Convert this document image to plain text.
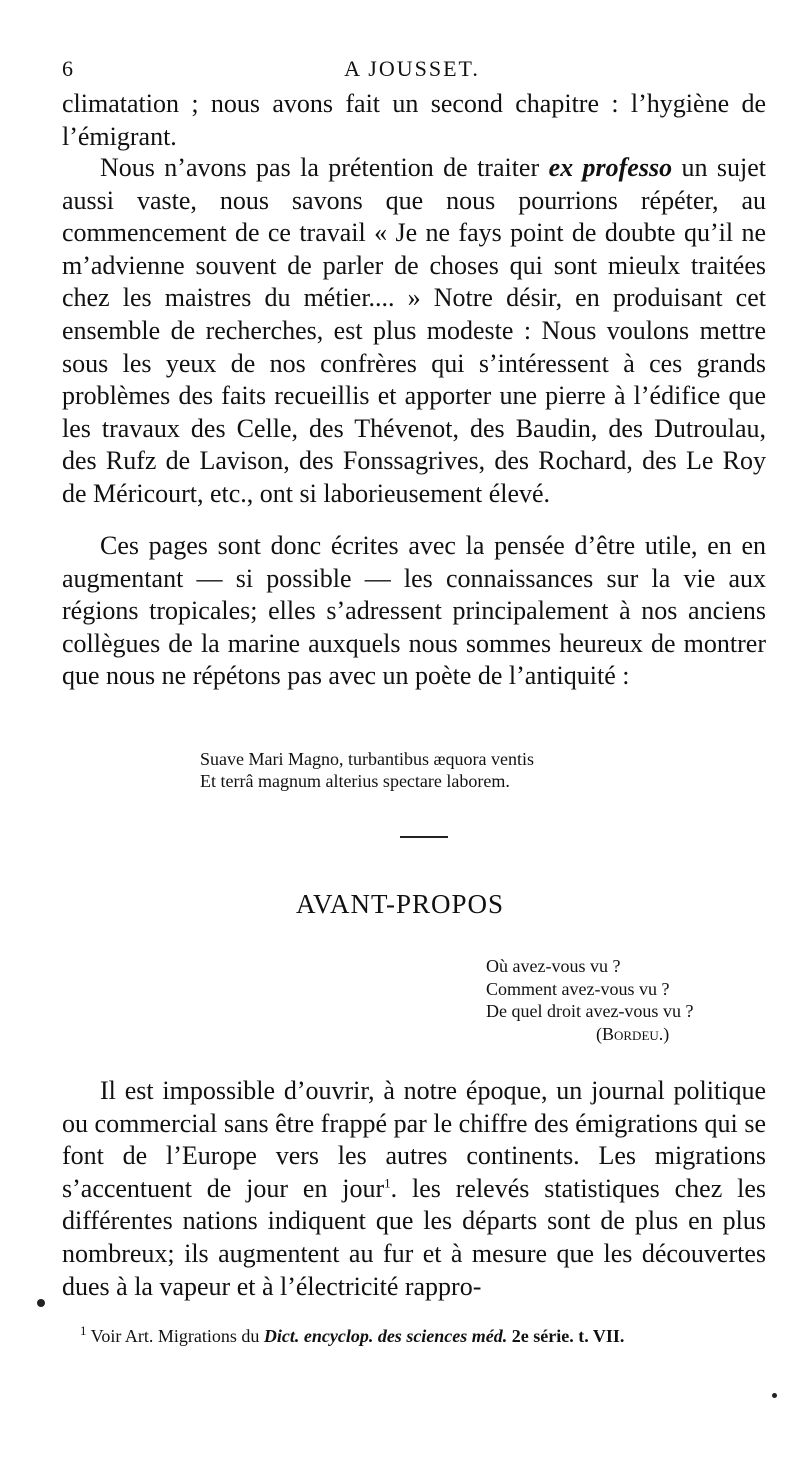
6	A JOUSSET.

climatation ; nous avons fait un second chapitre : l’hygiène de l’émigrant.

Nous n’avons pas la prétention de traiter ex professo un sujet aussi vaste, nous savons que nous pourrions répéter, au commencement de ce travail « Je ne fays point de doubte qu’il ne m’advienne souvent de parler de choses qui sont mieulx traitées chez les maistres du métier.... » Notre désir, en produisant cet ensemble de recherches, est plus modeste : Nous voulons mettre sous les yeux de nos confrères qui s’intéressent à ces grands problèmes des faits recueillis et apporter une pierre à l’édifice que les travaux des Celle, des Thévenot, des Baudin, des Dutroulau, des Rufz de Lavison, des Fonssagrives, des Rochard, des Le Roy de Méricourt, etc., ont si laborieusement élevé.

Ces pages sont donc écrites avec la pensée d’être utile, en en augmentant — si possible — les connaissances sur la vie aux régions tropicales; elles s’adressent principalement à nos anciens collègues de la marine auxquels nous sommes heureux de montrer que nous ne répétons pas avec un poète de l’antiquité :

Suave Mari Magno, turbantibus æquora ventis
Et terrâ magnum alterius spectare laborem.
AVANT-PROPOS
Où avez-vous vu ?
Comment avez-vous vu ?
De quel droit avez-vous vu ?
(Bordeu.)

Il est impossible d’ouvrir, à notre époque, un journal politique ou commercial sans être frappé par le chiffre des émigrations qui se font de l’Europe vers les autres continents. Les migrations s’accentuent de jour en jour$^1$. les relevés statistiques chez les différentes nations indiquent que les départs sont de plus en plus nombreux; ils augmentent au fur et à mesure que les découvertes dues à la vapeur et à l’électricité rappro-

$^1$ Voir Art. Migrations du Dict. encyclop. des sciences méd. 2e série. t. VII.
